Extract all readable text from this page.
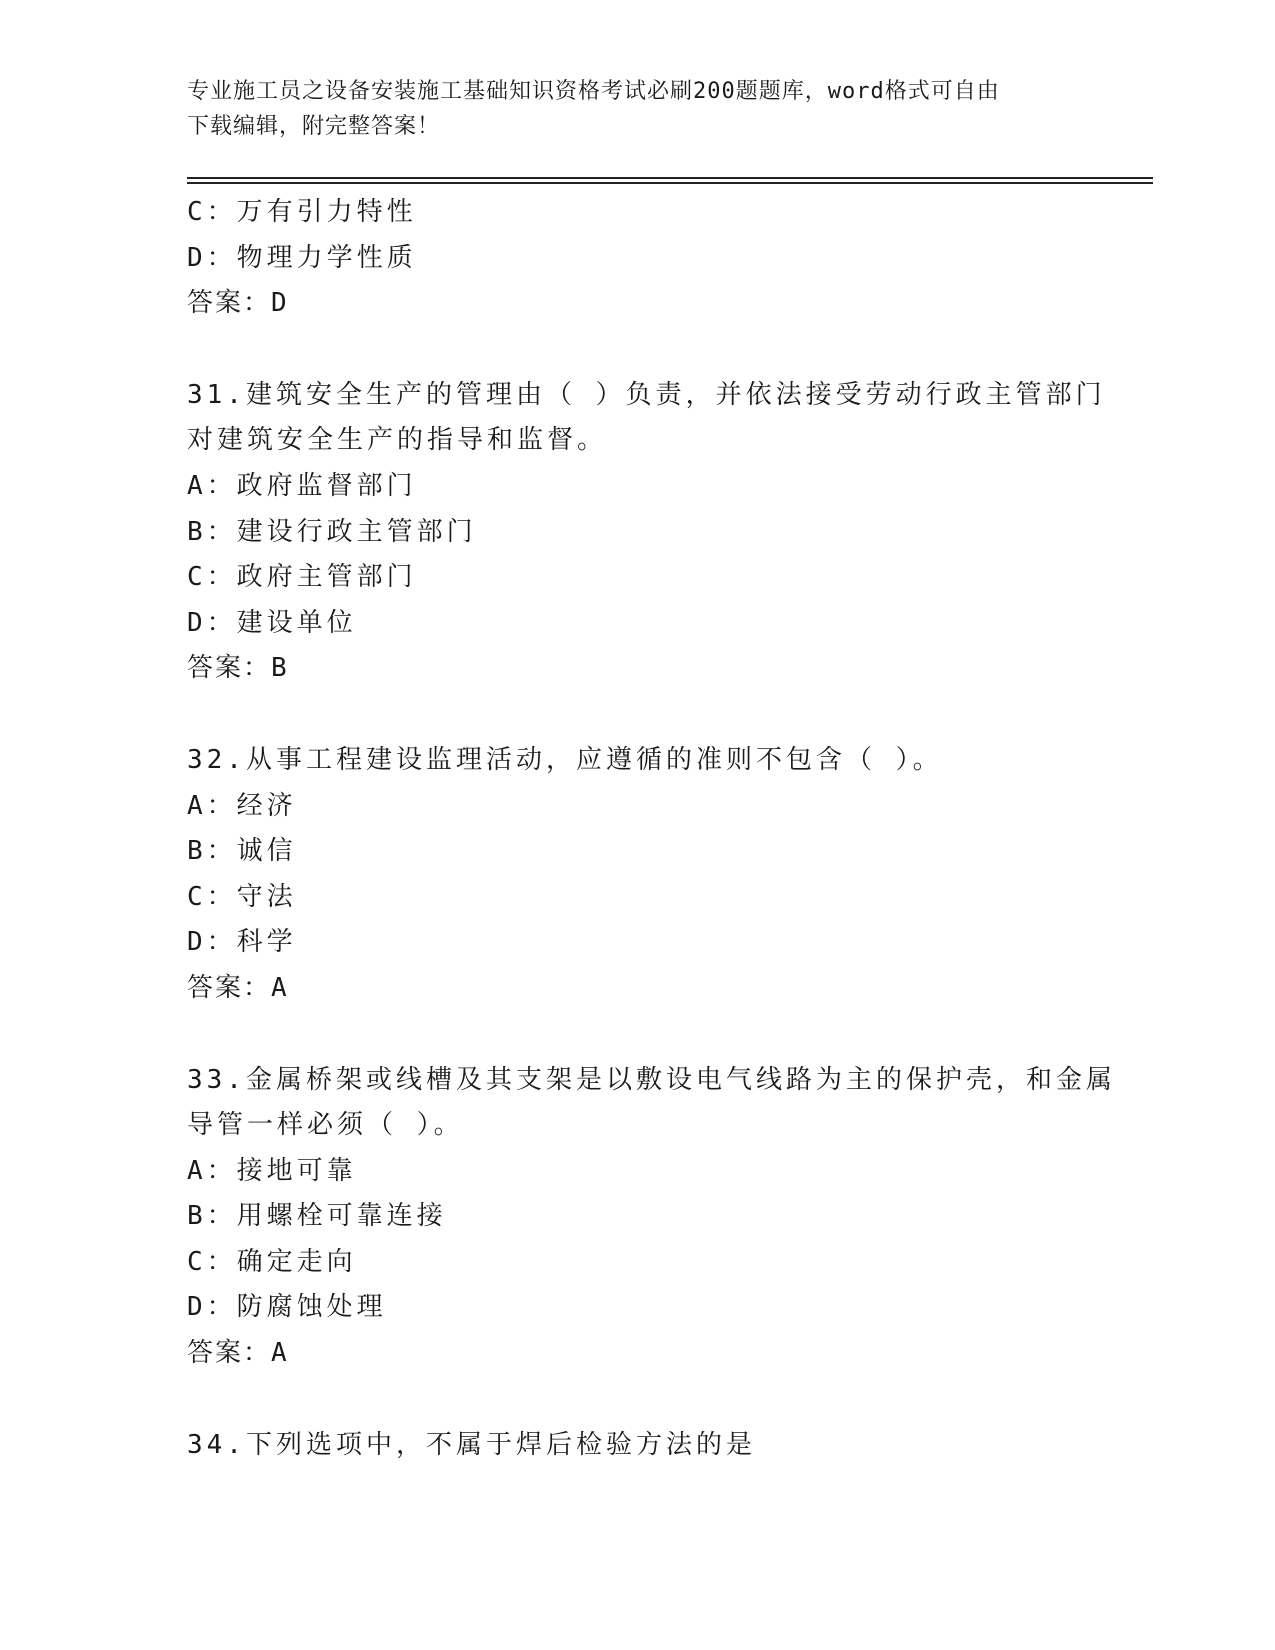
专业施工员之设备安装施工基础知识资格考试必刷200题题库，word格式可自由
下载编辑，附完整答案！
C：万有引力特性
D：物理力学性质
答案：D
31.建筑安全生产的管理由（ ）负责，并依法接受劳动行政主管部门
对建筑安全生产的指导和监督。
A：政府监督部门
B：建设行政主管部门
C：政府主管部门
D：建设单位
答案：B
32.从事工程建设监理活动，应遵循的准则不包含（ ）。
A：经济
B：诚信
C：守法
D：科学
答案：A
33.金属桥架或线槽及其支架是以敷设电气线路为主的保护壳，和金属
导管一样必须（ ）。
A：接地可靠
B：用螺栓可靠连接
C：确定走向
D：防腐蚀处理
答案：A
34.下列选项中，不属于焊后检验方法的是
